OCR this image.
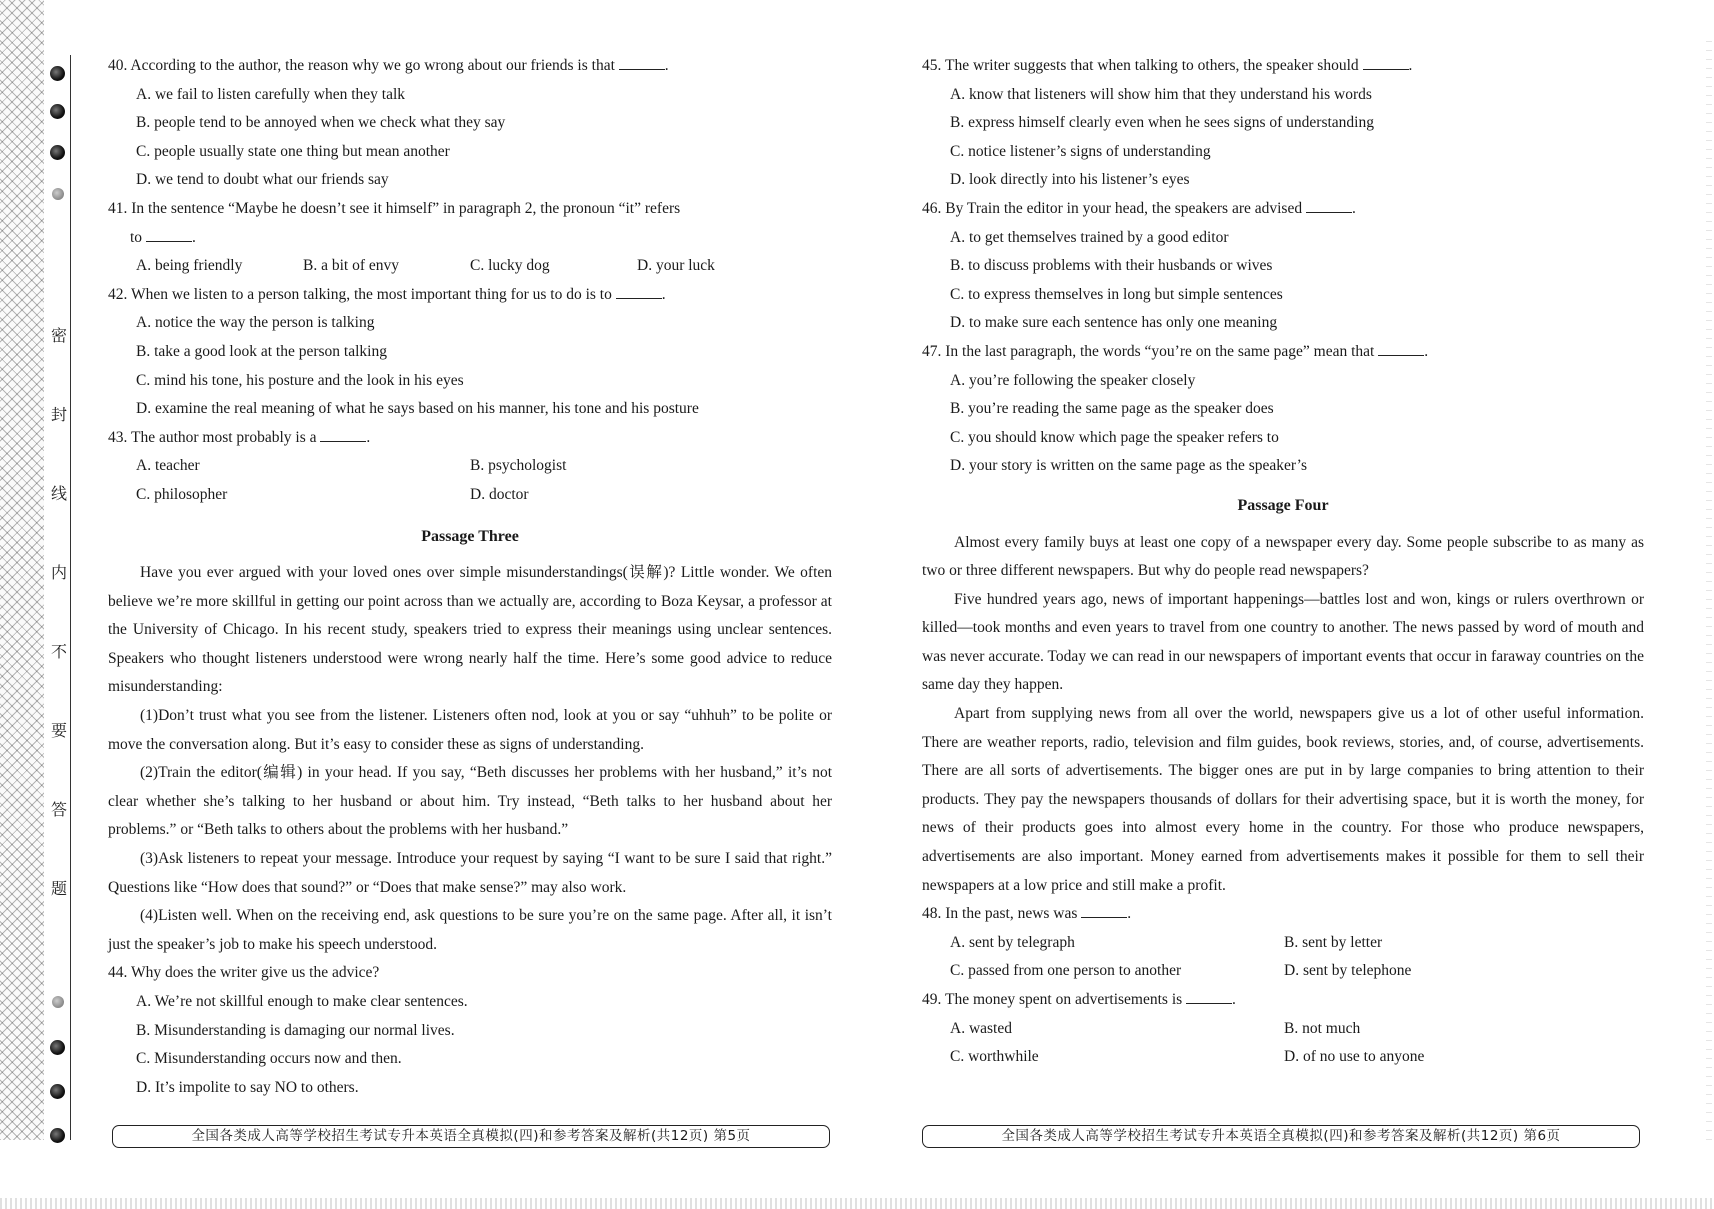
密
封
线
内
不
要
答
题

40. According to the author, the reason why we go wrong about our friends is that	.

A. we fail to listen carefully when they talk

B. people tend to be annoyed when we check what they say

C. people usually state one thing but mean another

D. we tend to doubt what our friends say

41. In the sentence “Maybe he doesn’t see it himself” in paragraph 2, the pronoun “it” refers

to	.

A. being friendly	B. a bit of envy	C. lucky dog	D. your luck

42. When we listen to a person talking, the most important thing for us to do is to	.

A. notice the way the person is talking

B. take a good look at the person talking

C. mind his tone, his posture and the look in his eyes

D. examine the real meaning of what he says based on his manner, his tone and his posture

43. The author most probably is a	.

A. teacher	B. psychologist
C. philosopher	D. doctor
Passage Three

Have you ever argued with your loved ones over simple misunderstandings(误解)? Little wonder. We often believe we’re more skillful in getting our point across than we actually are, according to Boza Keysar, a professor at the University of Chicago. In his recent study, speakers tried to express their meanings using unclear sentences. Speakers who thought listeners understood were wrong nearly half the time. Here’s some good advice to reduce misunderstanding:

(1)Don’t trust what you see from the listener. Listeners often nod, look at you or say “uhhuh” to be polite or move the conversation along. But it’s easy to consider these as signs of understanding.

(2)Train the editor(编辑) in your head. If you say, “Beth discusses her problems with her husband,” it’s not clear whether she’s talking to her husband or about him. Try instead, “Beth talks to her husband about her problems.” or “Beth talks to others about the problems with her husband.”

(3)Ask listeners to repeat your message. Introduce your request by saying “I want to be sure I said that right.” Questions like “How does that sound?” or “Does that make sense?” may also work.

(4)Listen well. When on the receiving end, ask questions to be sure you’re on the same page. After all, it isn’t just the speaker’s job to make his speech understood.

44. Why does the writer give us the advice?

A. We’re not skillful enough to make clear sentences.

B. Misunderstanding is damaging our normal lives.

C. Misunderstanding occurs now and then.

D. It’s impolite to say NO to others.

45. The writer suggests that when talking to others, the speaker should	.

A. know that listeners will show him that they understand his words

B. express himself clearly even when he sees signs of understanding

C. notice listener’s signs of understanding

D. look directly into his listener’s eyes

46. By Train the editor in your head, the speakers are advised	.

A. to get themselves trained by a good editor

B. to discuss problems with their husbands or wives

C. to express themselves in long but simple sentences

D. to make sure each sentence has only one meaning

47. In the last paragraph, the words “you’re on the same page” mean that	.

A. you’re following the speaker closely

B. you’re reading the same page as the speaker does

C. you should know which page the speaker refers to

D. your story is written on the same page as the speaker’s

Passage Four

Almost every family buys at least one copy of a newspaper every day. Some people subscribe to as many as two or three different newspapers. But why do people read newspapers?

Five hundred years ago, news of important happenings—battles lost and won, kings or rulers overthrown or killed—took months and even years to travel from one country to another. The news passed by word of mouth and was never accurate. Today we can read in our newspapers of important events that occur in faraway countries on the same day they happen.

Apart from supplying news from all over the world, newspapers give us a lot of other useful information. There are weather reports, radio, television and film guides, book reviews, stories, and, of course, advertisements. There are all sorts of advertisements. The bigger ones are put in by large companies to bring attention to their products. They pay the newspapers thousands of dollars for their advertising space, but it is worth the money, for news of their products goes into almost every home in the country. For those who produce newspapers, advertisements are also important. Money earned from advertisements makes it possible for them to sell their newspapers at a low price and still make a profit.

48. In the past, news was	.

A. sent by telegraph	B. sent by letter
C. passed from one person to another	D. sent by telephone

49. The money spent on advertisements is	.

A. wasted	B. not much
C. worthwhile	D. of no use to anyone
全国各类成人高等学校招生考试专升本英语全真模拟(四)和参考答案及解析(共12页) 第5页	全国各类成人高等学校招生考试专升本英语全真模拟(四)和参考答案及解析(共12页) 第6页
